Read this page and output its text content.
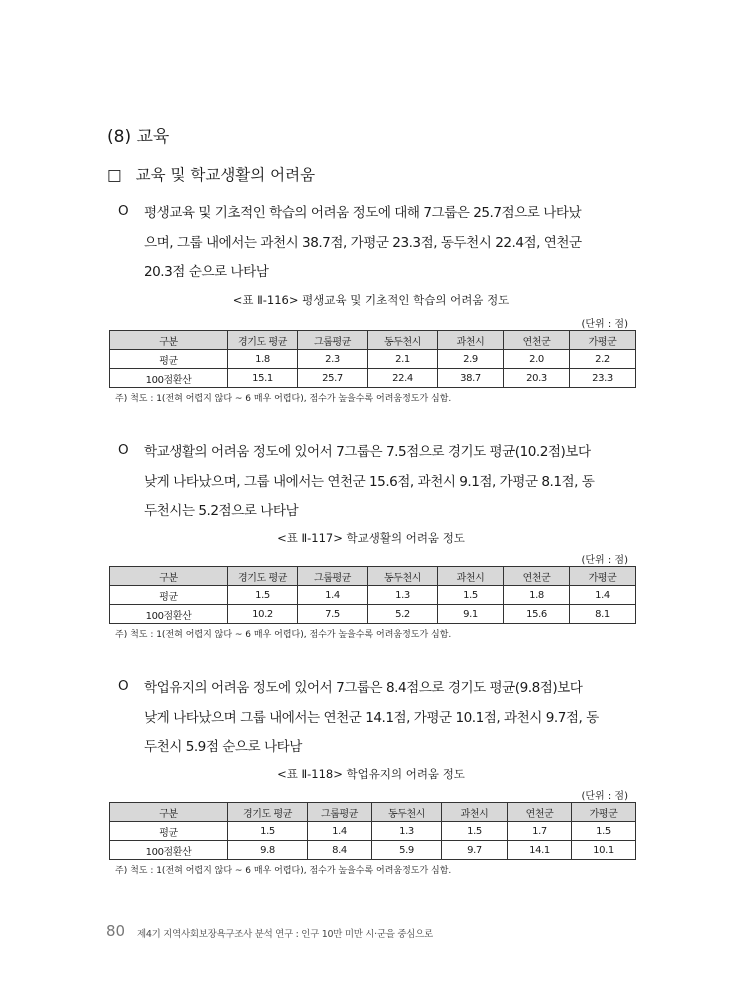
(8) 교육
□ 교육 및 학교생활의 어려움
O 평생교육 및 기초적인 학습의 어려움 정도에 대해 7그룹은 25.7점으로 나타났
으며, 그룹 내에서는 과천시 38.7점, 가평군 23.3점, 동두천시 22.4점, 연천군
20.3점 순으로 나타남
<표 Ⅱ-116> 평생교육 및 기초적인 학습의 어려움 정도
(단위 : 점)
구분	경기도 평균	그룹평균	동두천시	과천시	연천군	가평군
평균	1.8	2.3	2.1	2.9	2.0	2.2
100점환산	15.1	25.7	22.4	38.7	20.3	23.3
주) 척도 : 1(전혀 어렵지 않다 ~ 6 매우 어렵다), 점수가 높을수록 어려움정도가 심함.
O 학교생활의 어려움 정도에 있어서 7그룹은 7.5점으로 경기도 평균(10.2점)보다
낮게 나타났으며, 그룹 내에서는 연천군 15.6점, 과천시 9.1점, 가평군 8.1점, 동
두천시는 5.2점으로 나타남
<표 Ⅱ-117> 학교생활의 어려움 정도
(단위 : 점)
구분	경기도 평균	그룹평균	동두천시	과천시	연천군	가평군
평균	1.5	1.4	1.3	1.5	1.8	1.4
100점환산	10.2	7.5	5.2	9.1	15.6	8.1
주) 척도 : 1(전혀 어렵지 않다 ~ 6 매우 어렵다), 점수가 높을수록 어려움정도가 심함.
O 학업유지의 어려움 정도에 있어서 7그룹은 8.4점으로 경기도 평균(9.8점)보다
낮게 나타났으며 그룹 내에서는 연천군 14.1점, 가평군 10.1점, 과천시 9.7점, 동
두천시 5.9점 순으로 나타남
<표 Ⅱ-118> 학업유지의 어려움 정도
(단위 : 점)
구분	경기도 평균	그룹평균	동두천시	과천시	연천군	가평군
평균	1.5	1.4	1.3	1.5	1.7	1.5
100점환산	9.8	8.4	5.9	9.7	14.1	10.1
주) 척도 : 1(전혀 어렵지 않다 ~ 6 매우 어렵다), 점수가 높을수록 어려움정도가 심함.
80 제4기 지역사회보장욕구조사 분석 연구 : 인구 10만 미만 시·군을 중심으로
